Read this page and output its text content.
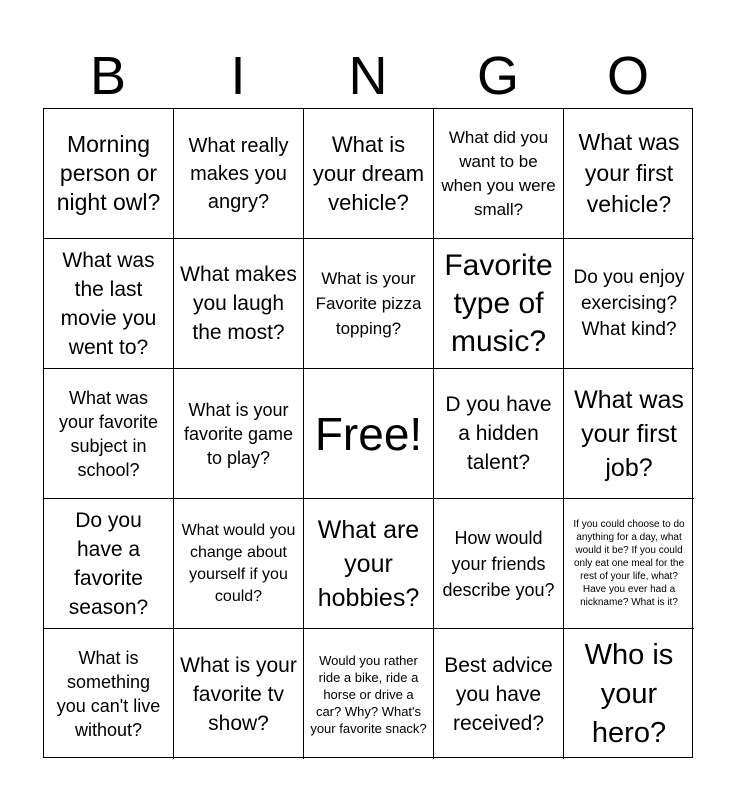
B	I	N	G	O
Morning person or night owl?
What really makes you angry?
What is your dream vehicle?
What did you want to be when you were small?
What was your first vehicle?
What was the last movie you went to?
What makes you laugh the most?
What is your Favorite pizza topping?
Favorite type of music?
Do you enjoy exercising? What kind?
What was your favorite subject in school?
What is your favorite game to play? Free!
D you have a hidden talent?
What was your first job?
Do you have a favorite season?
What would you change about yourself if you could?
What are your hobbies?
How would your friends describe you?
If you could choose to do anything for a day, what would it be? If you could only eat one meal for the rest of your life, what? Have you ever had a nickname? What is it?
What is something you can't live without?
What is your favorite tv show?
Would you rather ride a bike, ride a horse or drive a car? Why? What's your favorite snack?
Best advice you have received?
Who is your hero?
